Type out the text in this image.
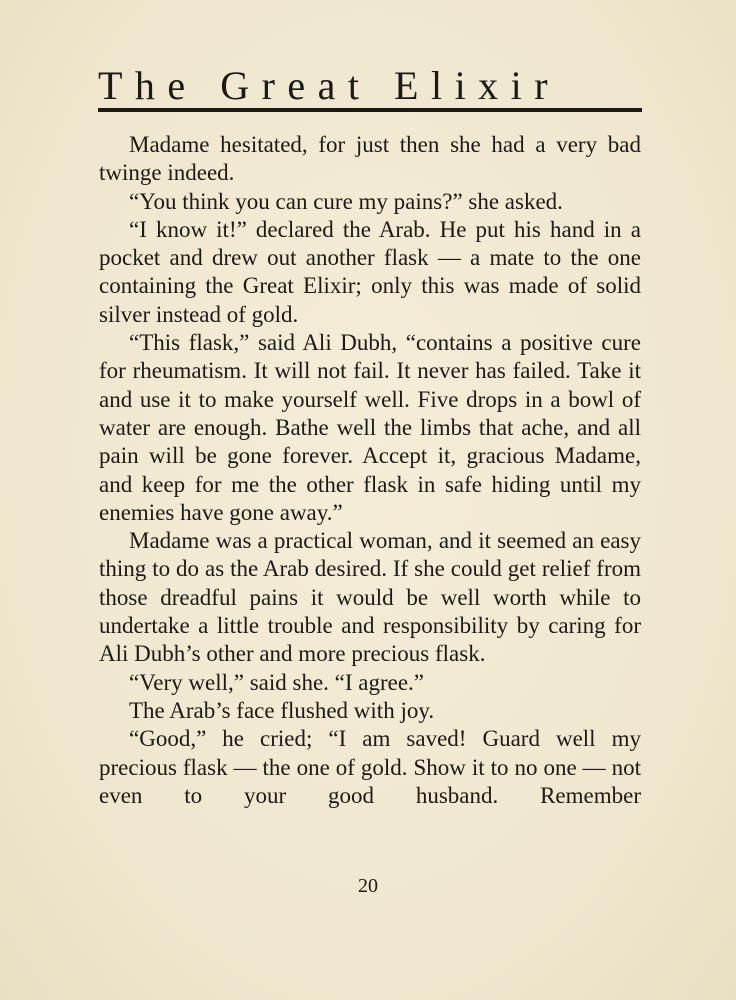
The Great Elixir

Madame hesitated, for just then she had a very bad twinge indeed.

“You think you can cure my pains?” she asked.

“I know it!” declared the Arab. He put his hand in a pocket and drew out another flask — a mate to the one containing the Great Elixir; only this was made of solid silver instead of gold.

“This flask,” said Ali Dubh, “contains a positive cure for rheumatism. It will not fail. It never has failed. Take it and use it to make yourself well. Five drops in a bowl of water are enough. Bathe well the limbs that ache, and all pain will be gone forever. Accept it, gracious Madame, and keep for me the other flask in safe hiding until my enemies have gone away.”

Madame was a practical woman, and it seemed an easy thing to do as the Arab desired. If she could get relief from those dreadful pains it would be well worth while to undertake a little trouble and responsibility by caring for Ali Dubh’s other and more precious flask.

“Very well,” said she. “I agree.”

The Arab’s face flushed with joy.

“Good,” he cried; “I am saved! Guard well my precious flask — the one of gold. Show it to no one — not even to your good husband. Remember

20
